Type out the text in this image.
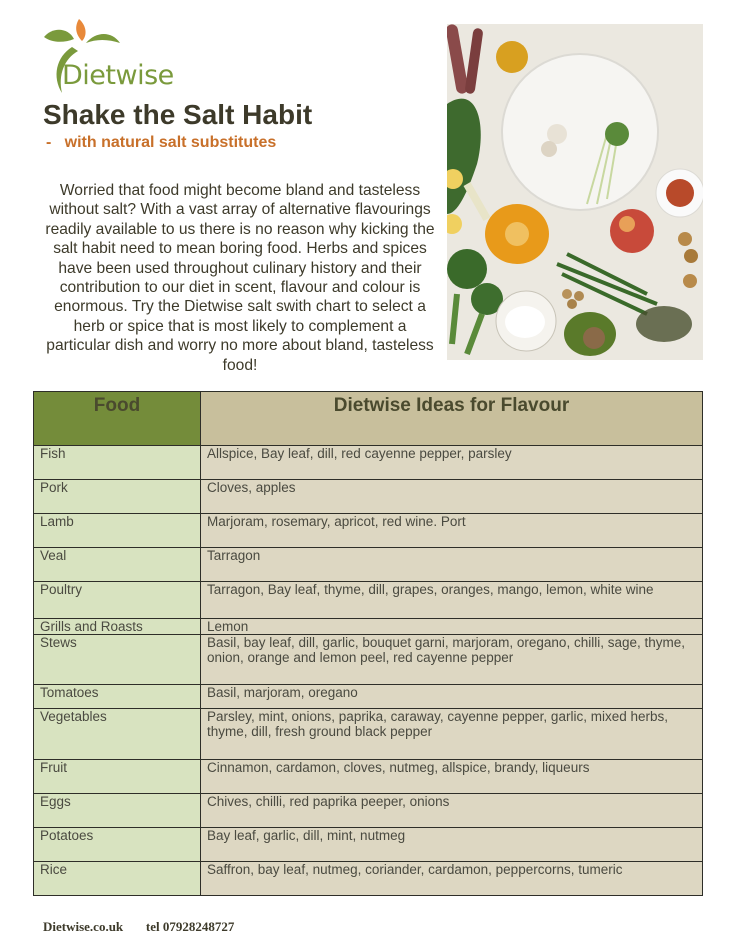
Dietwise
Shake the Salt Habit
-   with natural salt substitutes
Worried that food might become bland and tasteless without salt? With a vast array of alternative flavourings readily available to us there is no reason why kicking the salt habit need to mean boring food. Herbs and spices have been used throughout culinary history and their contribution to our diet in scent, flavour and colour is enormous. Try the Dietwise salt swith chart to select a herb or spice that is most likely to complement a particular dish and worry no more about bland, tasteless food!
Food	Dietwise Ideas for Flavour
Fish	Allspice, Bay leaf, dill, red cayenne pepper, parsley
Pork	Cloves, apples
Lamb	Marjoram, rosemary, apricot, red wine. Port
Veal	Tarragon
Poultry	Tarragon, Bay leaf, thyme, dill, grapes, oranges, mango, lemon, white wine
Grills and Roasts	Lemon
Stews	Basil, bay leaf, dill, garlic, bouquet garni, marjoram, oregano, chilli, sage, thyme, onion, orange and lemon peel, red cayenne pepper
Tomatoes	Basil, marjoram, oregano
Vegetables	Parsley, mint, onions, paprika, caraway, cayenne pepper, garlic, mixed herbs, thyme, dill, fresh ground black pepper
Fruit	Cinnamon, cardamon, cloves, nutmeg, allspice, brandy, liqueurs
Eggs	Chives, chilli, red paprika peeper, onions
Potatoes	Bay leaf, garlic, dill, mint, nutmeg
Rice	Saffron, bay leaf, nutmeg, coriander, cardamon, peppercorns, tumeric
Dietwise.co.uk tel 07928248727
